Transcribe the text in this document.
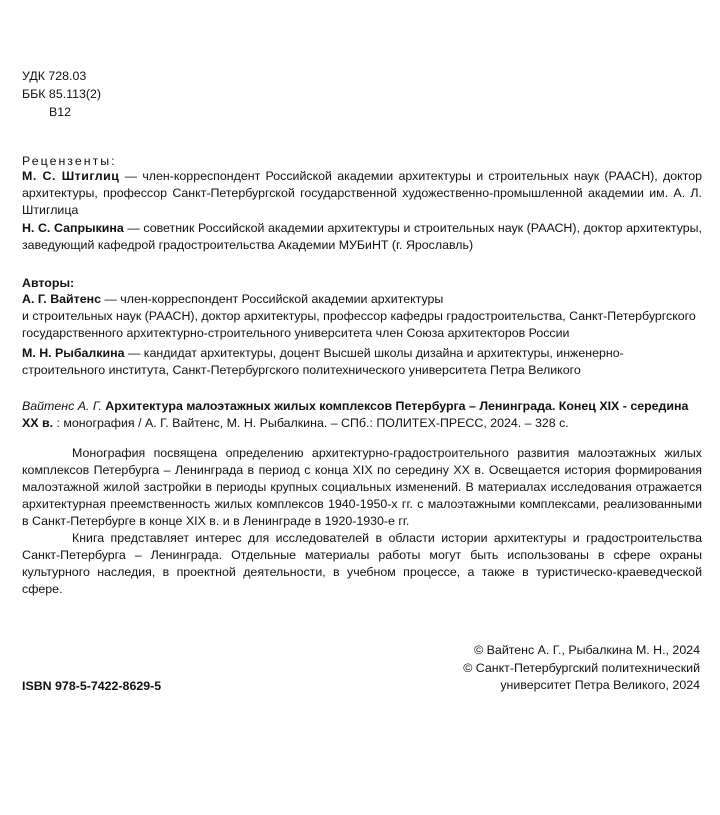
УДК 728.03
ББК 85.113(2)
В12
Рецензенты:
М. С. Штиглиц — член-корреспондент Российской академии архитектуры и строительных наук (РААСН), доктор архитектуры, профессор Санкт-Петербургской государственной художественно-промышленной академии им. А. Л. Штиглица
Н. С. Сапрыкина — советник Российской академии архитектуры и строительных наук (РААСН), доктор архитектуры, заведующий кафедрой градостроительства Академии МУБиНТ (г. Ярославль)
Авторы:
А. Г. Вайтенс — член-корреспондент Российской академии архитектуры
и строительных наук (РААСН), доктор архитектуры, профессор кафедры градостроительства, Санкт-Петербургского государственного архитектурно-строительного университета член Союза архитекторов России
М. Н. Рыбалкина — кандидат архитектуры, доцент Высшей школы дизайна и архитектуры, инженерно-строительного института, Санкт-Петербургского политехнического университета Петра Великого
Вайтенс А. Г. Архитектура малоэтажных жилых комплексов Петербурга – Ленинграда. Конец XIX - середина XX в. : монография / А. Г. Вайтенс, М. Н. Рыбалкина. – СПб.: ПОЛИТЕХ-ПРЕСС, 2024. – 328 с.

Монография посвящена определению архитектурно-градостроительного развития малоэтажных жилых комплексов Петербурга – Ленинграда в период с конца XIX по середину XX в. Освещается история формирования малоэтажной жилой застройки в периоды крупных социальных изменений. В материалах исследования отражается архитектурная преемственность жилых комплексов 1940-1950-х гг. с малоэтажными комплексами, реализованными в Санкт-Петербурге в конце XIX в. и в Ленинграде в 1920-1930-е гг.

Книга представляет интерес для исследователей в области истории архитектуры и градостроительства Санкт-Петербурга – Ленинграда. Отдельные материалы работы могут быть использованы в сфере охраны культурного наследия, в проектной деятельности, в учебном процессе, а также в туристическо-краеведческой сфере.

© Вайтенс А. Г., Рыбалкина М. Н., 2024
© Санкт-Петербургский политехнический
университет Петра Великого, 2024
ISBN 978-5-7422-8629-5
